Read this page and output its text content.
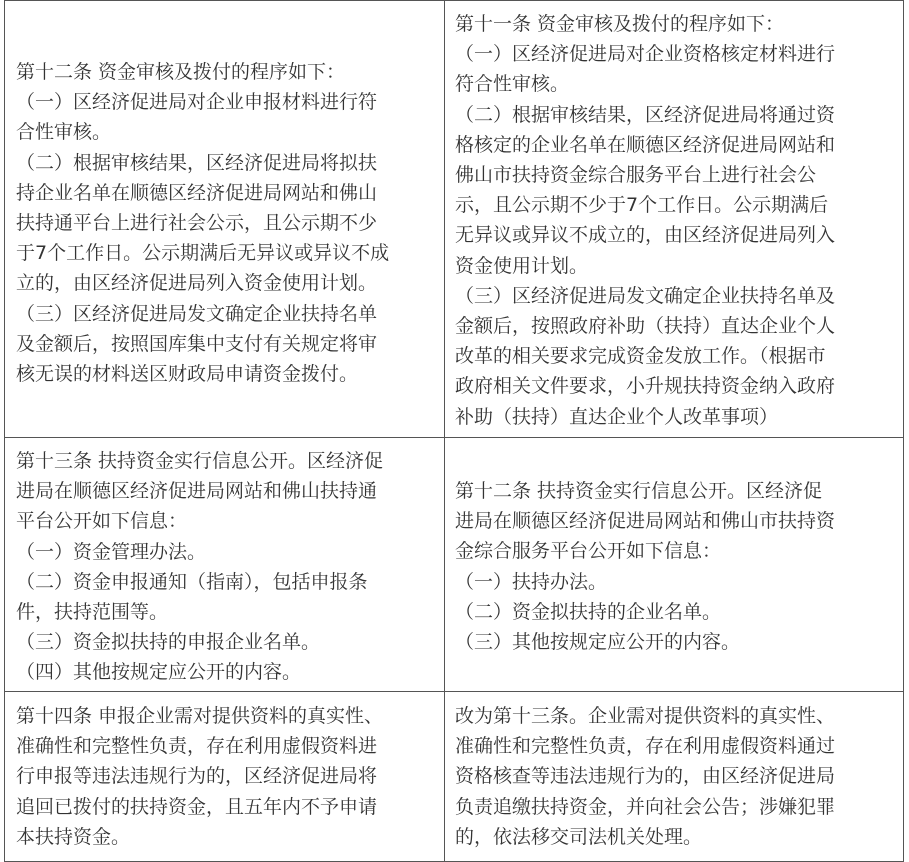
第十二条 资金审核及拨付的程序如下：

（一）区经济促进局对企业申报材料进行符

合性审核。

（二）根据审核结果，区经济促进局将拟扶

持企业名单在顺德区经济促进局网站和佛山

扶持通平台上进行社会公示，且公示期不少

于7个工作日。公示期满后无异议或异议不成

立的，由区经济促进局列入资金使用计划。

（三）区经济促进局发文确定企业扶持名单

及金额后，按照国库集中支付有关规定将审

核无误的材料送区财政局申请资金拨付。

第十一条 资金审核及拨付的程序如下：

（一）区经济促进局对企业资格核定材料进行

符合性审核。

（二）根据审核结果，区经济促进局将通过资

格核定的企业名单在顺德区经济促进局网站和

佛山市扶持资金综合服务平台上进行社会公

示，且公示期不少于7个工作日。公示期满后

无异议或异议不成立的，由区经济促进局列入

资金使用计划。

（三）区经济促进局发文确定企业扶持名单及

金额后，按照政府补助（扶持）直达企业个人

改革的相关要求完成资金发放工作。（根据市

政府相关文件要求，小升规扶持资金纳入政府

补助（扶持）直达企业个人改革事项）

第十三条 扶持资金实行信息公开。区经济促

进局在顺德区经济促进局网站和佛山扶持通

平台公开如下信息：

（一）资金管理办法。

（二）资金申报通知（指南），包括申报条

件，扶持范围等。

（三）资金拟扶持的申报企业名单。

（四）其他按规定应公开的内容。

第十二条 扶持资金实行信息公开。区经济促

进局在顺德区经济促进局网站和佛山市扶持资

金综合服务平台公开如下信息：

（一）扶持办法。

（二）资金拟扶持的企业名单。

（三）其他按规定应公开的内容。

第十四条 申报企业需对提供资料的真实性、

准确性和完整性负责，存在利用虚假资料进

行申报等违法违规行为的，区经济促进局将

追回已拨付的扶持资金，且五年内不予申请

本扶持资金。

改为第十三条。企业需对提供资料的真实性、

准确性和完整性负责，存在利用虚假资料通过

资格核查等违法违规行为的，由区经济促进局

负责追缴扶持资金，并向社会公告；涉嫌犯罪

的，依法移交司法机关处理。
